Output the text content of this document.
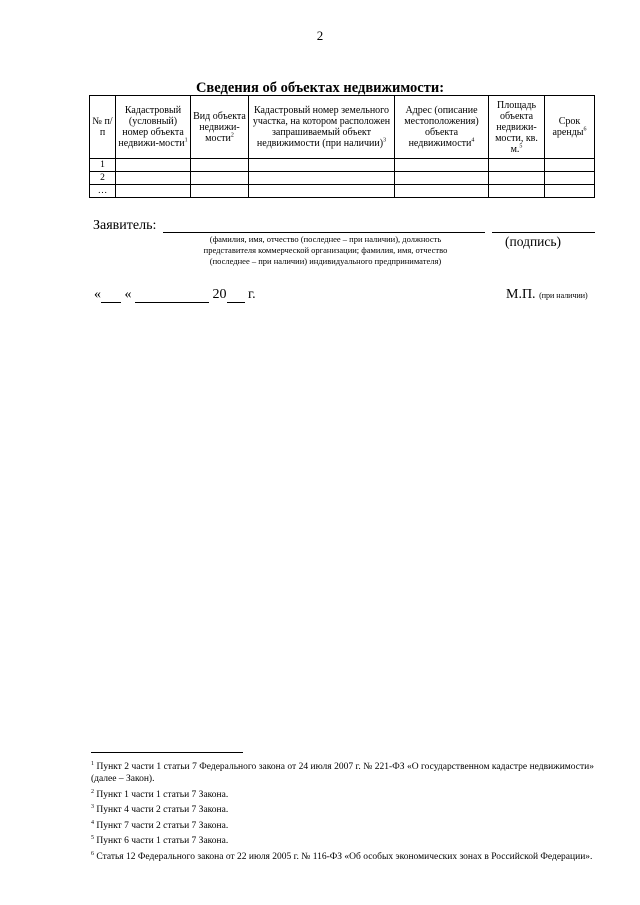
2
Сведения об объектах недвижимости:
№ п/п	Кадастровый (условный) номер объекта недвижи-мости$^1$	Вид объекта недвижи-мости$^2$	Кадастровый номер земельного участка, на котором расположен запрашиваемый объект недвижимости (при наличии)$^3$	Адрес (описание местоположения) объекта недвижимости$^4$	Площадь объекта недвижи-мости, кв. м.$^5$	Срок аренды$^6$
1						
2						
…						
Заявитель:
(фамилия, имя, отчество (последнее – при наличии), должность
представителя коммерческой организации; фамилия, имя, отчество
(последнее – при наличии) индивидуального предпринимателя)
(подпись)
« «	20 г.	М.П. (при наличии)

$^1$ Пункт 2 части 1 статьи 7 Федерального закона от 24 июля 2007 г. № 221-ФЗ «О государственном кадастре недвижимости» (далее – Закон).

$^2$ Пункт 1 части 1 статьи 7 Закона.

$^3$ Пункт 4 части 2 статьи 7 Закона.

$^4$ Пункт 7 части 2 статьи 7 Закона.

$^5$ Пункт 6 части 1 статьи 7 Закона.

$^6$ Статья 12 Федерального закона от 22 июля 2005 г. № 116-ФЗ «Об особых экономических зонах в Российской Федерации».
